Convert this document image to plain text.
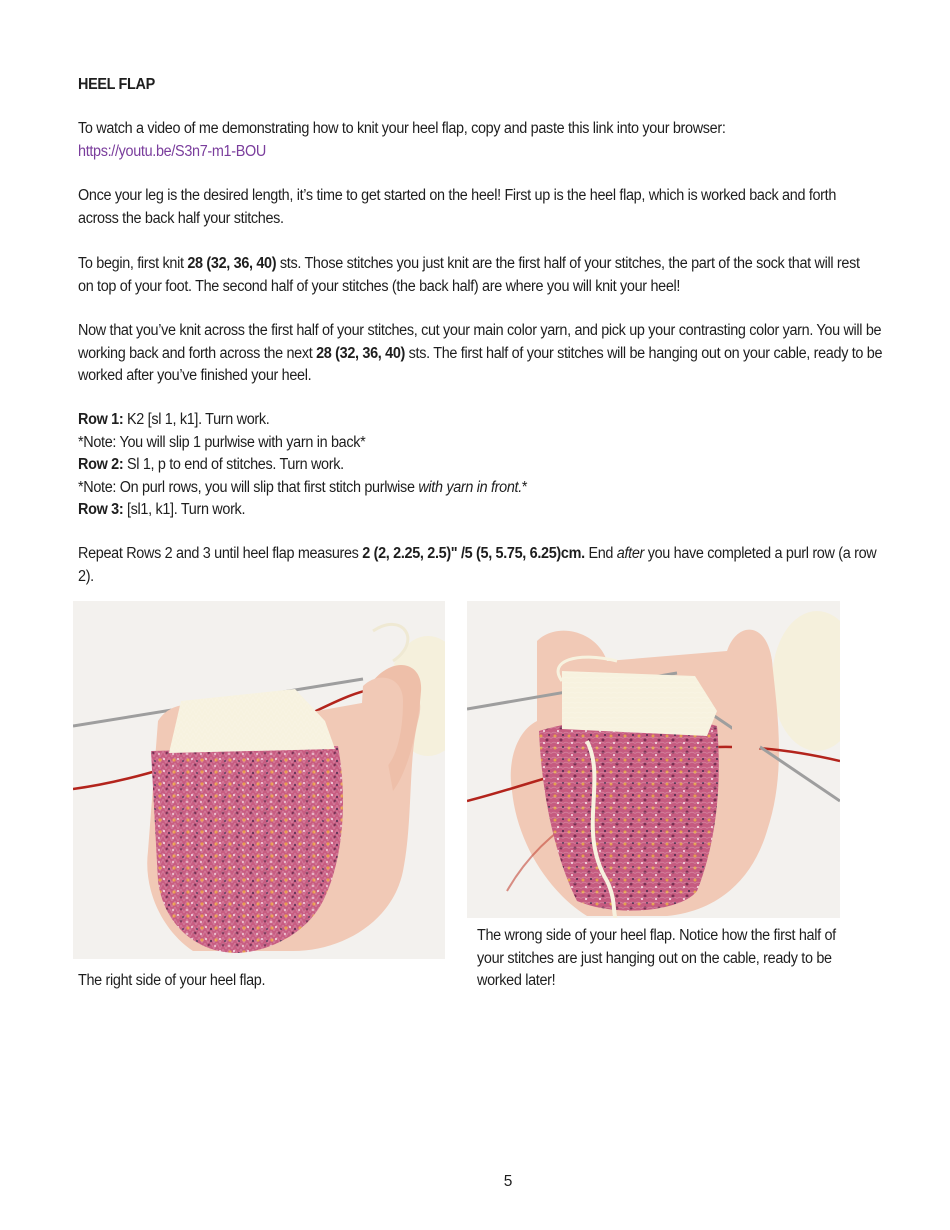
HEEL FLAP
To watch a video of me demonstrating how to knit your heel flap, copy and paste this link into your browser:
https://youtu.be/S3n7-m1-BOU
Once your leg is the desired length, it’s time to get started on the heel! First up is the heel flap, which is worked back and forth across the back half your stitches.
To begin, first knit 28 (32, 36, 40) sts. Those stitches you just knit are the first half of your stitches, the part of the sock that will rest on top of your foot. The second half of your stitches (the back half) are where you will knit your heel!
Now that you’ve knit across the first half of your stitches, cut your main color yarn, and pick up your contrasting color yarn. You will be working back and forth across the next 28 (32, 36, 40) sts. The first half of your stitches will be hanging out on your cable, ready to be worked after you’ve finished your heel.
Row 1: K2 [sl 1, k1]. Turn work.
*Note: You will slip 1 purlwise with yarn in back*
Row 2: Sl 1, p to end of stitches. Turn work.
*Note: On purl rows, you will slip that first stitch purlwise with yarn in front.*
Row 3: [sl1, k1]. Turn work.
Repeat Rows 2 and 3 until heel flap measures 2 (2, 2.25, 2.5)" /5 (5, 5.75, 6.25)cm. End after you have completed a purl row (a row 2).
The right side of your heel flap.
The wrong side of your heel flap. Notice how the first half of your stitches are just hanging out on the cable, ready to be worked later!
5
